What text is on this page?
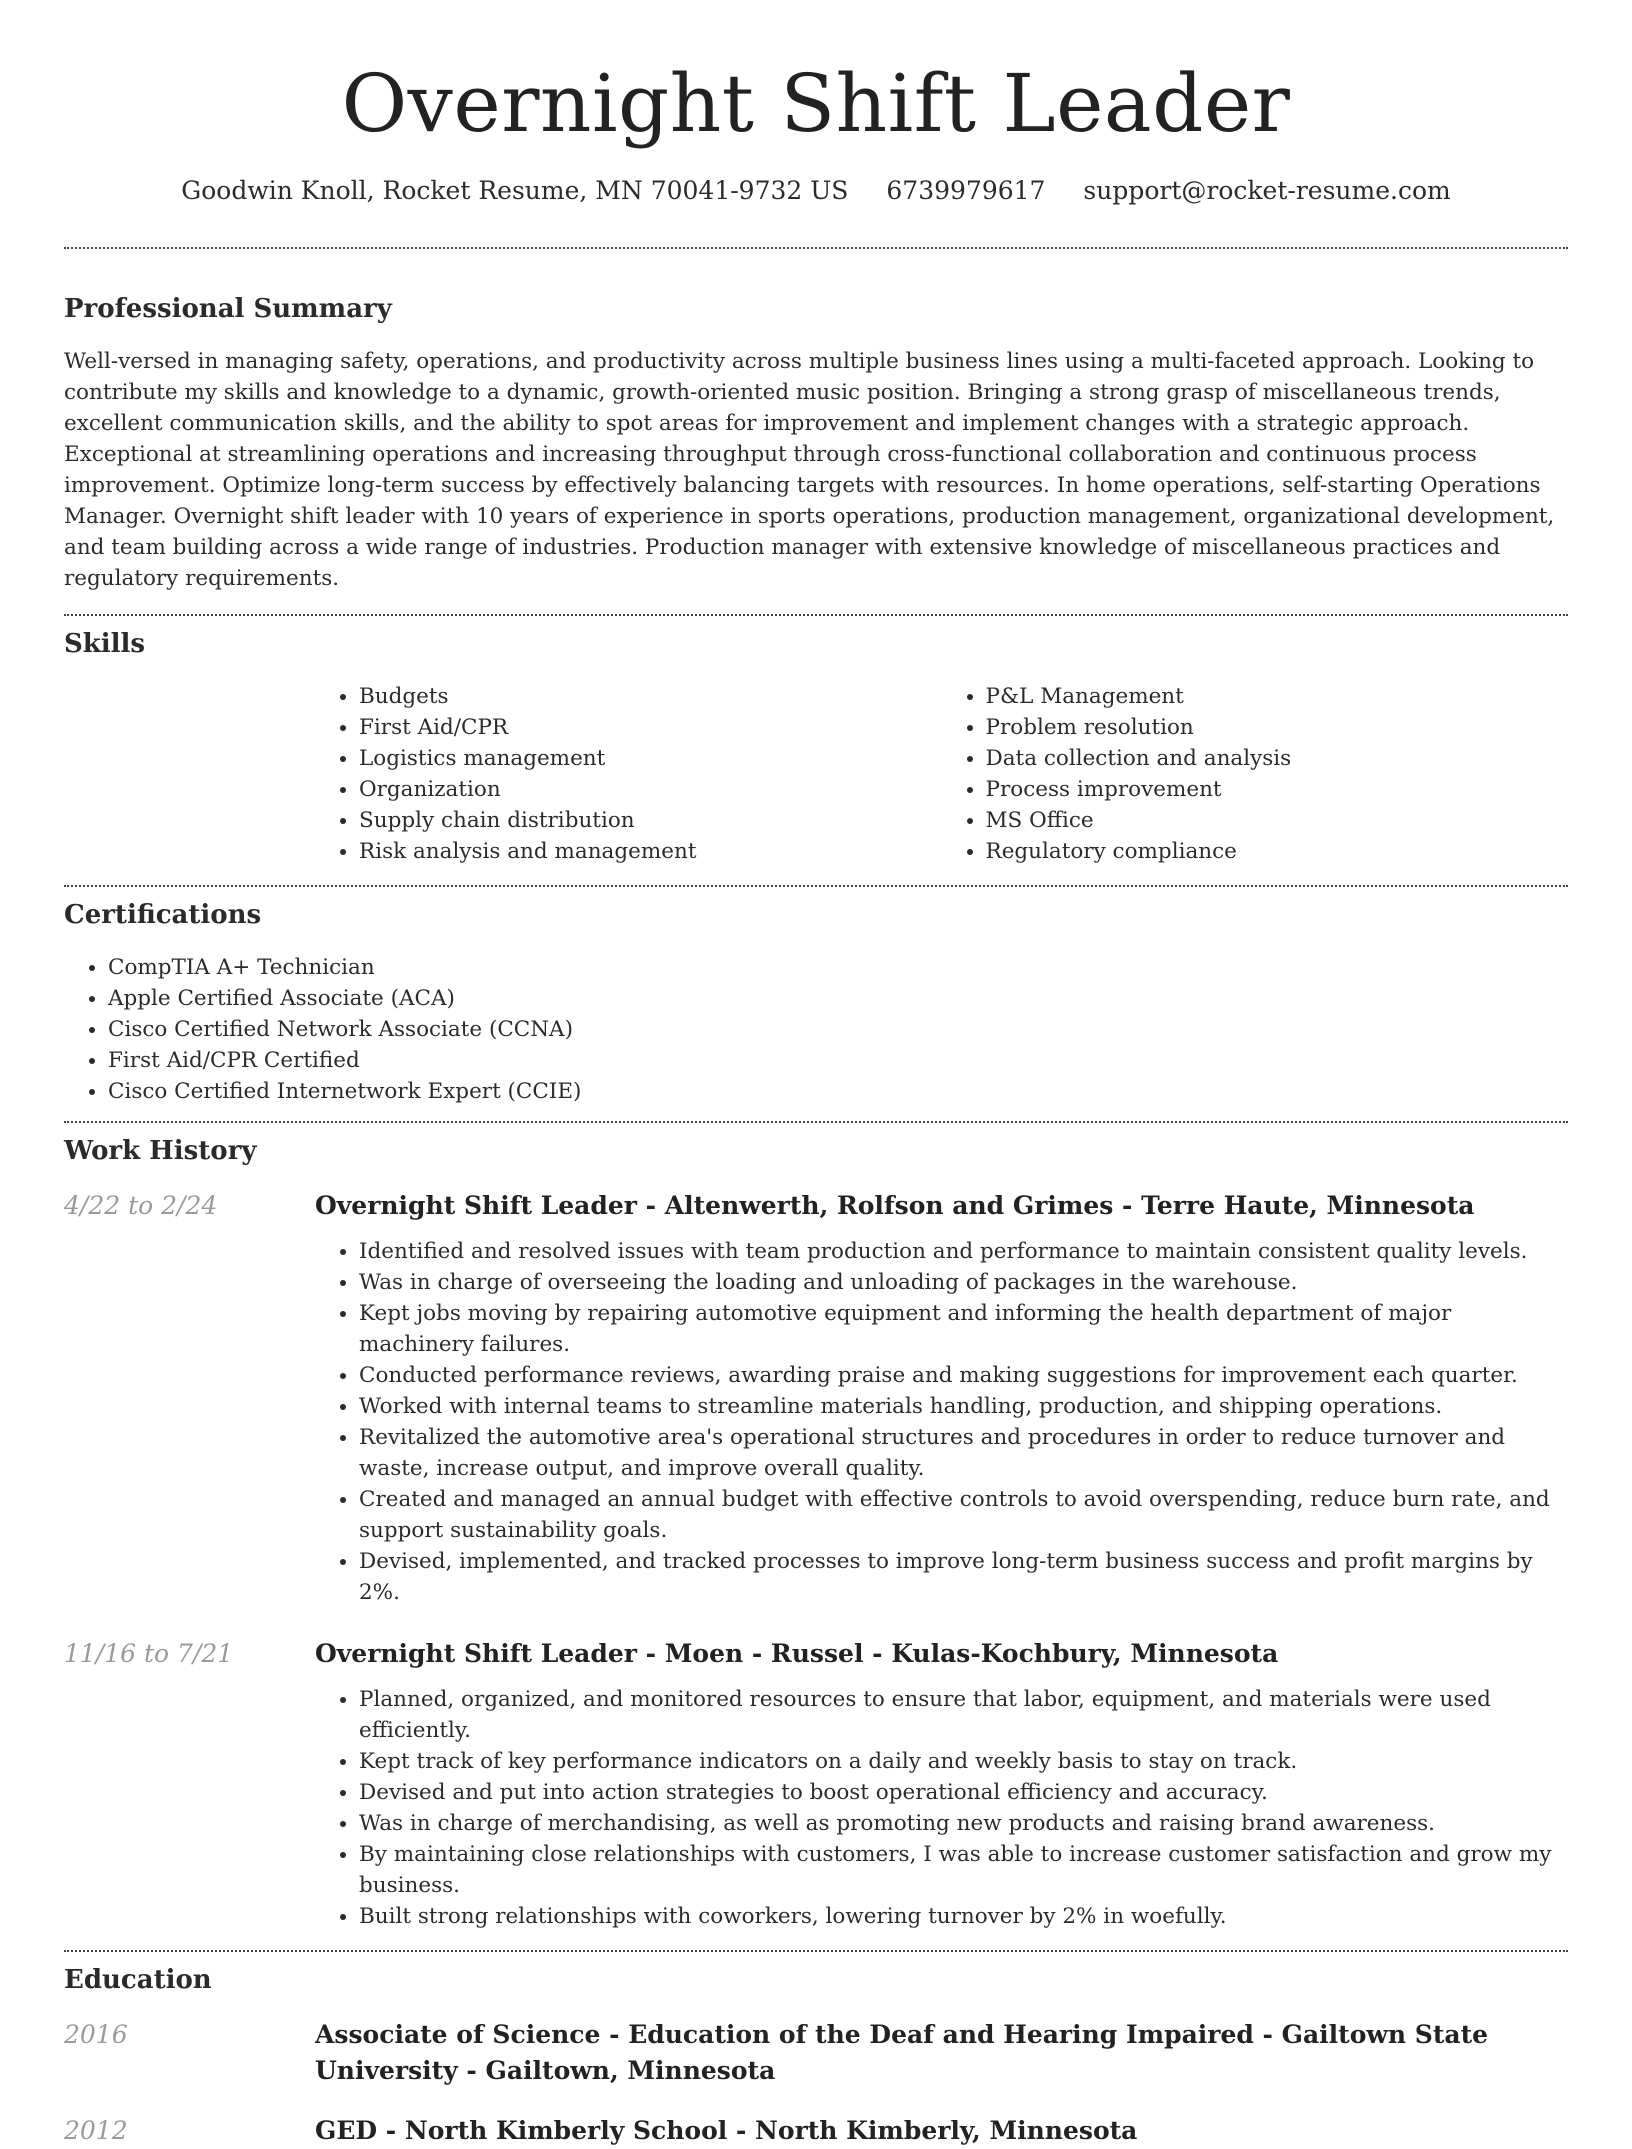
Overnight Shift Leader
Goodwin Knoll, Rocket Resume, MN 70041-9732 US 6739979617 support@rocket-resume.com
Professional Summary

Well-versed in managing safety, operations, and productivity across multiple business lines using a multi-faceted approach. Looking to contribute my skills and knowledge to a dynamic, growth-oriented music position. Bringing a strong grasp of miscellaneous trends, excellent communication skills, and the ability to spot areas for improvement and implement changes with a strategic approach. Exceptional at streamlining operations and increasing throughput through cross-functional collaboration and continuous process improvement. Optimize long-term success by effectively balancing targets with resources. In home operations, self-starting Operations Manager. Overnight shift leader with 10 years of experience in sports operations, production management, organizational development, and team building across a wide range of industries. Production manager with extensive knowledge of miscellaneous practices and regulatory requirements.

Skills
• Budgets
• First Aid/CPR
• Logistics management
• Organization
• Supply chain distribution
• Risk analysis and management
• P&L Management
• Problem resolution
• Data collection and analysis
• Process improvement
• MS Office
• Regulatory compliance
Certifications
• CompTIA A+ Technician
• Apple Certified Associate (ACA)
• Cisco Certified Network Associate (CCNA)
• First Aid/CPR Certified
• Cisco Certified Internetwork Expert (CCIE)
Work History
4/22 to 2/24	Overnight Shift Leader - Altenwerth, Rolfson and Grimes - Terre Haute, Minnesota
• Identified and resolved issues with team production and performance to maintain consistent quality levels.
• Was in charge of overseeing the loading and unloading of packages in the warehouse.
• Kept jobs moving by repairing automotive equipment and informing the health department of major machinery failures.
• Conducted performance reviews, awarding praise and making suggestions for improvement each quarter.
• Worked with internal teams to streamline materials handling, production, and shipping operations.
• Revitalized the automotive area's operational structures and procedures in order to reduce turnover and waste, increase output, and improve overall quality.
• Created and managed an annual budget with effective controls to avoid overspending, reduce burn rate, and support sustainability goals.
• Devised, implemented, and tracked processes to improve long-term business success and profit margins by 2%.
11/16 to 7/21	Overnight Shift Leader - Moen - Russel - Kulas-Kochbury, Minnesota
• Planned, organized, and monitored resources to ensure that labor, equipment, and materials were used efficiently.
• Kept track of key performance indicators on a daily and weekly basis to stay on track.
• Devised and put into action strategies to boost operational efficiency and accuracy.
• Was in charge of merchandising, as well as promoting new products and raising brand awareness.
• By maintaining close relationships with customers, I was able to increase customer satisfaction and grow my business.
• Built strong relationships with coworkers, lowering turnover by 2% in woefully.
Education
2016	Associate of Science - Education of the Deaf and Hearing Impaired - Gailtown State University - Gailtown, Minnesota
2012	GED - North Kimberly School - North Kimberly, Minnesota
